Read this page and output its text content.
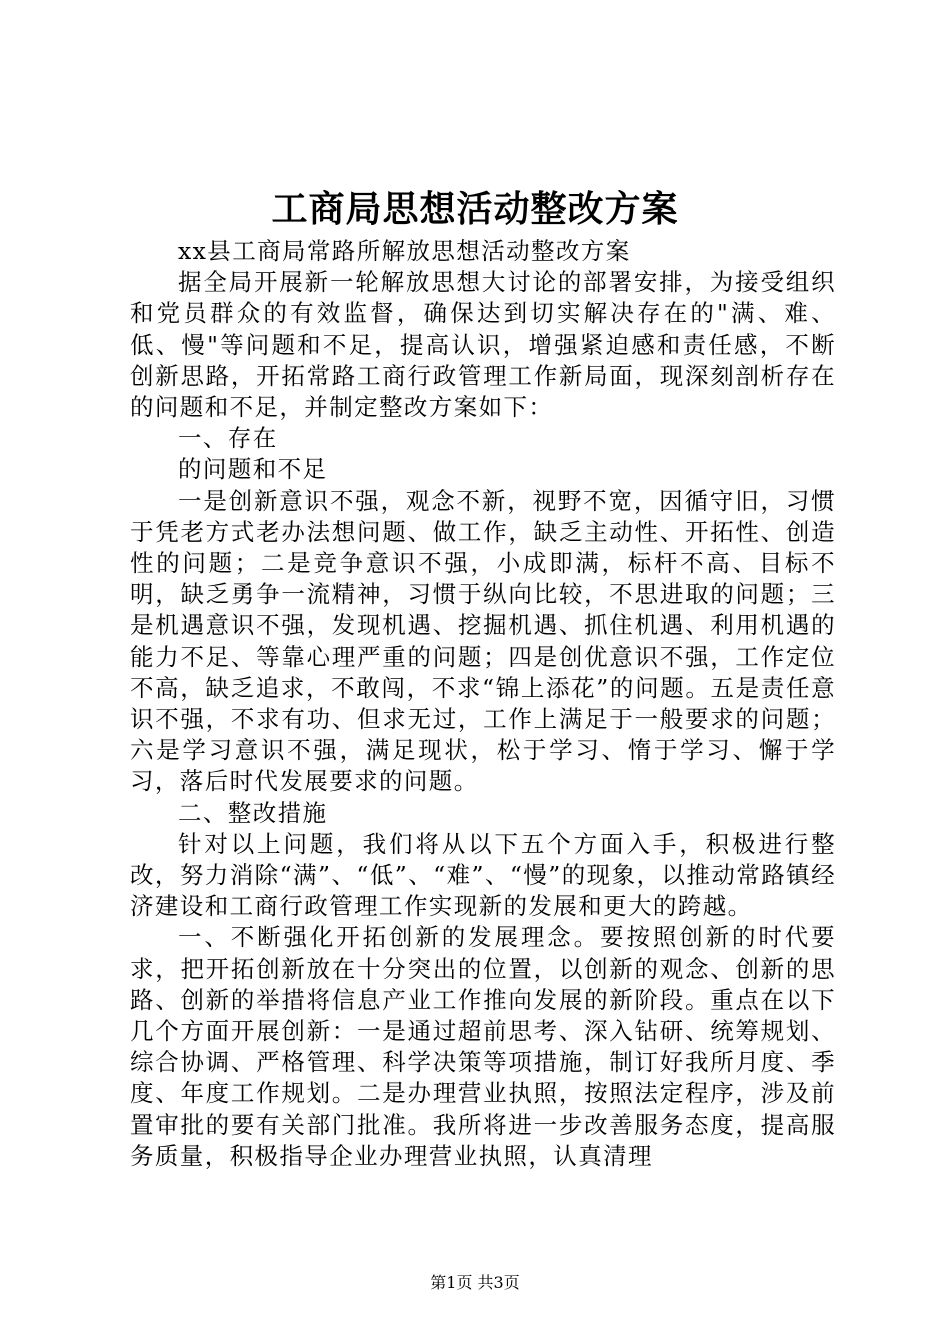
工商局思想活动整改方案

xx县工商局常路所解放思想活动整改方案

据全局开展新一轮解放思想大讨论的部署安排，为接受组织和党员群众的有效监督，确保达到切实解决存在的"满、难、低、慢"等问题和不足，提高认识，增强紧迫感和责任感，不断创新思路，开拓常路工商行政管理工作新局面，现深刻剖析存在的问题和不足，并制定整改方案如下：

一、存在

的问题和不足

一是创新意识不强，观念不新，视野不宽，因循守旧，习惯于凭老方式老办法想问题、做工作，缺乏主动性、开拓性、创造性的问题；二是竞争意识不强，小成即满，标杆不高、目标不明，缺乏勇争一流精神，习惯于纵向比较，不思进取的问题；三是机遇意识不强，发现机遇、挖掘机遇、抓住机遇、利用机遇的能力不足、等靠心理严重的问题；四是创优意识不强，工作定位不高，缺乏追求，不敢闯，不求“锦上添花”的问题。五是责任意识不强，不求有功、但求无过，工作上满足于一般要求的问题；六是学习意识不强，满足现状，松于学习、惰于学习、懈于学习，落后时代发展要求的问题。

二、整改措施

针对以上问题，我们将从以下五个方面入手，积极进行整改，努力消除“满”、“低”、“难”、“慢”的现象，以推动常路镇经济建设和工商行政管理工作实现新的发展和更大的跨越。

一、不断强化开拓创新的发展理念。要按照创新的时代要求，把开拓创新放在十分突出的位置，以创新的观念、创新的思路、创新的举措将信息产业工作推向发展的新阶段。重点在以下几个方面开展创新：一是通过超前思考、深入钻研、统筹规划、综合协调、严格管理、科学决策等项措施，制订好我所月度、季度、年度工作规划。二是办理营业执照，按照法定程序，涉及前置审批的要有关部门批准。我所将进一步改善服务态度，提高服务质量，积极指导企业办理营业执照，认真清理

第1页 共3页
